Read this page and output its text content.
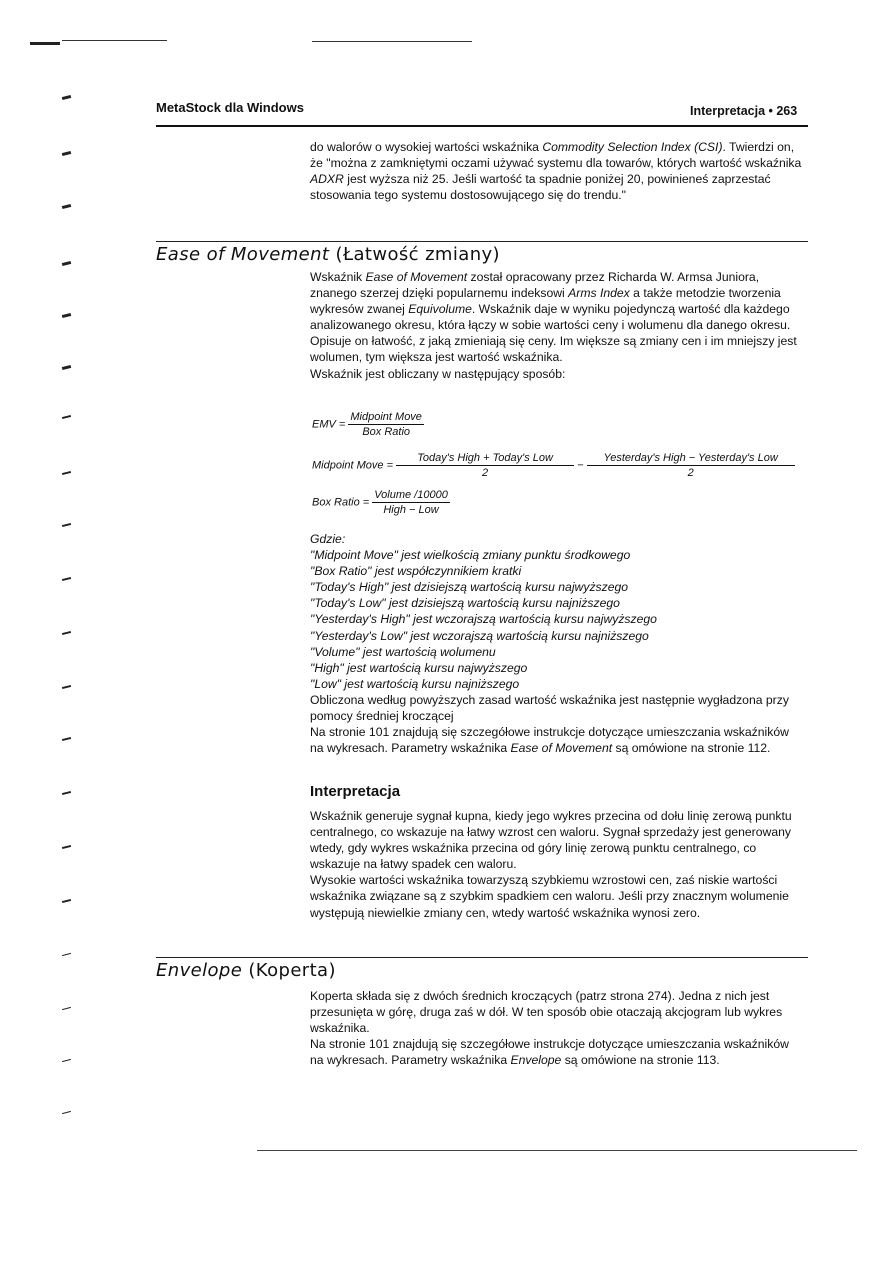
MetaStock dla Windows	Interpretacja • 263

do walorów o wysokiej wartości wskaźnika Commodity Selection Index (CSI). Twierdzi on, że "można z zamkniętymi oczami używać systemu dla towarów, których wartość wskaźnika ADXR jest wyższa niż 25. Jeśli wartość ta spadnie poniżej 20, powinieneś zaprzestać stosowania tego systemu dostosowującego się do trendu."

Ease of Movement (Łatwość zmiany)

Wskaźnik Ease of Movement został opracowany przez Richarda W. Armsa Juniora, znanego szerzej dzięki popularnemu indeksowi Arms Index a także metodzie tworzenia wykresów zwanej Equivolume. Wskaźnik daje w wyniku pojedynczą wartość dla każdego analizowanego okresu, która łączy w sobie wartości ceny i wolumenu dla danego okresu. Opisuje on łatwość, z jaką zmieniają się ceny. Im większe są zmiany cen i im mniejszy jest wolumen, tym większa jest wartość wskaźnika.

Wskaźnik jest obliczany w następujący sposób:

EMV = $\frac{\text{Midpoint Move}}{\text{Box Ratio}}$
Midpoint Move = $\frac{\text{Today's High + Today's Low}}{2} - \frac{\text{Yesterday's High − Yesterday's Low}}{2}$
Box Ratio = $\frac{\text{Volume /10000}}{\text{High − Low}}$
Gdzie:
"Midpoint Move" jest wielkością zmiany punktu środkowego
"Box Ratio" jest współczynnikiem kratki
"Today's High" jest dzisiejszą wartością kursu najwyższego
"Today's Low" jest dzisiejszą wartością kursu najniższego
"Yesterday's High" jest wczorajszą wartością kursu najwyższego
"Yesterday's Low" jest wczorajszą wartością kursu najniższego
"Volume" jest wartością wolumenu
"High" jest wartością kursu najwyższego
"Low" jest wartością kursu najniższego

Obliczona według powyższych zasad wartość wskaźnika jest następnie wygładzona przy pomocy średniej kroczącej

Na stronie 101 znajdują się szczegółowe instrukcje dotyczące umieszczania wskaźników na wykresach. Parametry wskaźnika Ease of Movement są omówione na stronie 112.

Interpretacja

Wskaźnik generuje sygnał kupna, kiedy jego wykres przecina od dołu linię zerową punktu centralnego, co wskazuje na łatwy wzrost cen waloru. Sygnał sprzedaży jest generowany wtedy, gdy wykres wskaźnika przecina od góry linię zerową punktu centralnego, co wskazuje na łatwy spadek cen waloru.

Wysokie wartości wskaźnika towarzyszą szybkiemu wzrostowi cen, zaś niskie wartości wskaźnika związane są z szybkim spadkiem cen waloru. Jeśli przy znacznym wolumenie występują niewielkie zmiany cen, wtedy wartość wskaźnika wynosi zero.

Envelope (Koperta)

Koperta składa się z dwóch średnich kroczących (patrz strona 274). Jedna z nich jest przesunięta w górę, druga zaś w dół. W ten sposób obie otaczają akcjogram lub wykres wskaźnika.

Na stronie 101 znajdują się szczegółowe instrukcje dotyczące umieszczania wskaźników na wykresach. Parametry wskaźnika Envelope są omówione na stronie 113.
